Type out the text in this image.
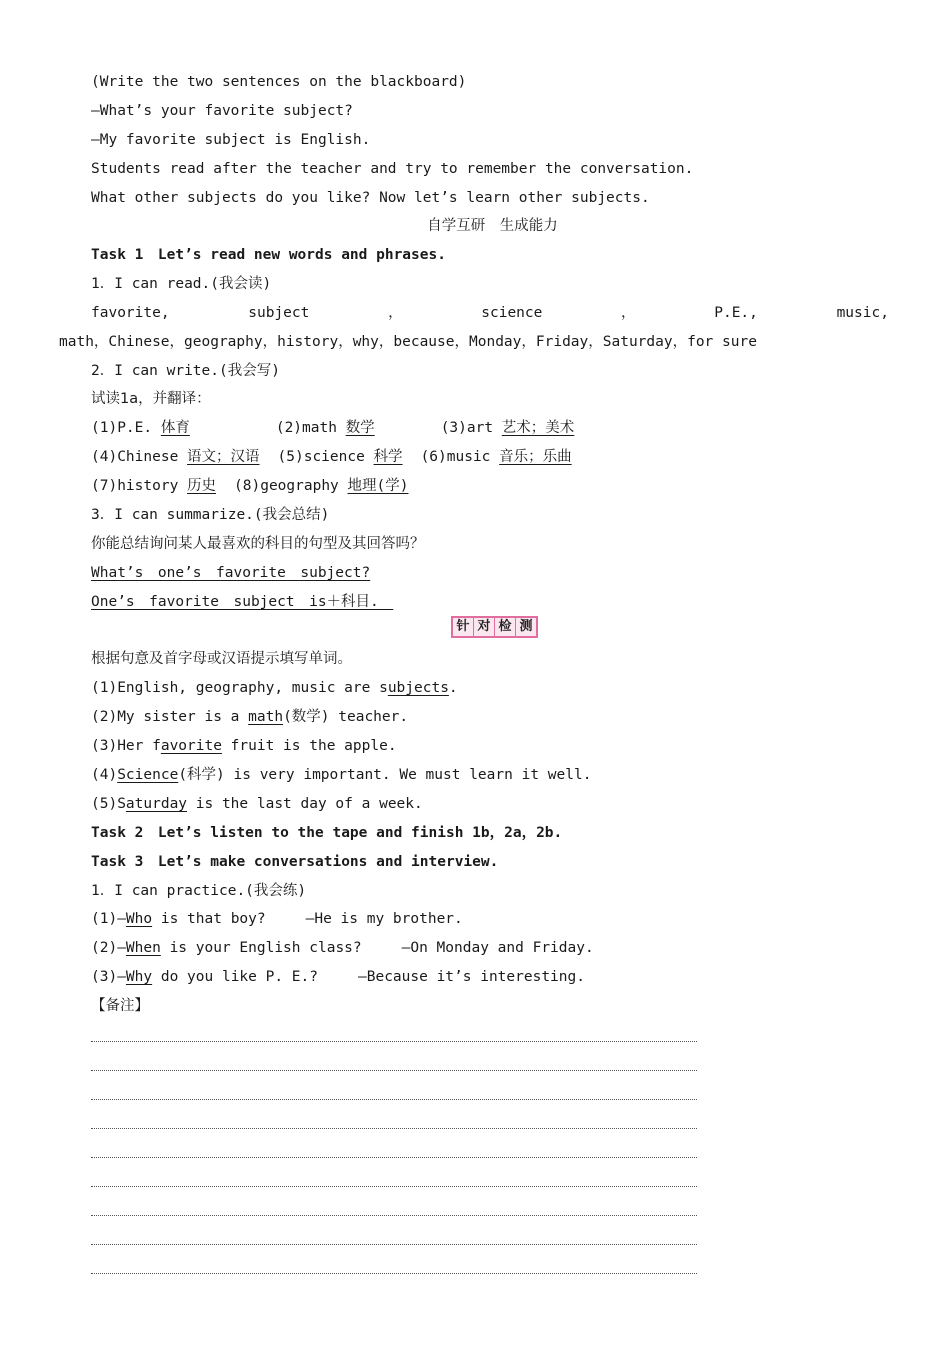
(Write the two sentences on the blackboard)
—What’s your favorite subject?
—My favorite subject is English.
Students read after the teacher and try to remember the conversation.
What other subjects do you like? Now let’s learn other subjects.
自学互研　生成能力
Task 1　Let’s read new words and phrases.
1．I can read.(我会读)
favorite,	subject	，	science	，	P.E.,	music,
math，Chinese，geography，history，why，because，Monday，Friday，Saturday，for sure
2．I can write.(我会写)
试读1a，并翻译：
(1)P.E. 体育	(2)math 数学	(3)art 艺术；美术
(4)Chinese 语文；汉语 (5)science 科学 (6)music 音乐；乐曲
(7)history 历史 (8)geography 地理(学)
3．I can summarize.(我会总结)
你能总结询问某人最喜欢的科目的句型及其回答吗？
What’s　one’s　favorite　subject?
One’s　favorite　subject　is＋科目.　
针 对 检 测
根据句意及首字母或汉语提示填写单词。
(1)English, geography, music are subjects.
(2)My sister is a math(数学) teacher.
(3)Her favorite fruit is the apple.
(4)Science(科学) is very important. We must learn it well.
(5)Saturday is the last day of a week.
Task 2　Let’s listen to the tape and finish 1b，2a，2b.
Task 3　Let’s make conversations and interview.
1．I can practice.(我会练)
(1)—Who is that boy?	—He is my brother.
(2)—When is your English class?	—On Monday and Friday.
(3)—Why do you like P. E.?	—Because it’s interesting.
【备注】
